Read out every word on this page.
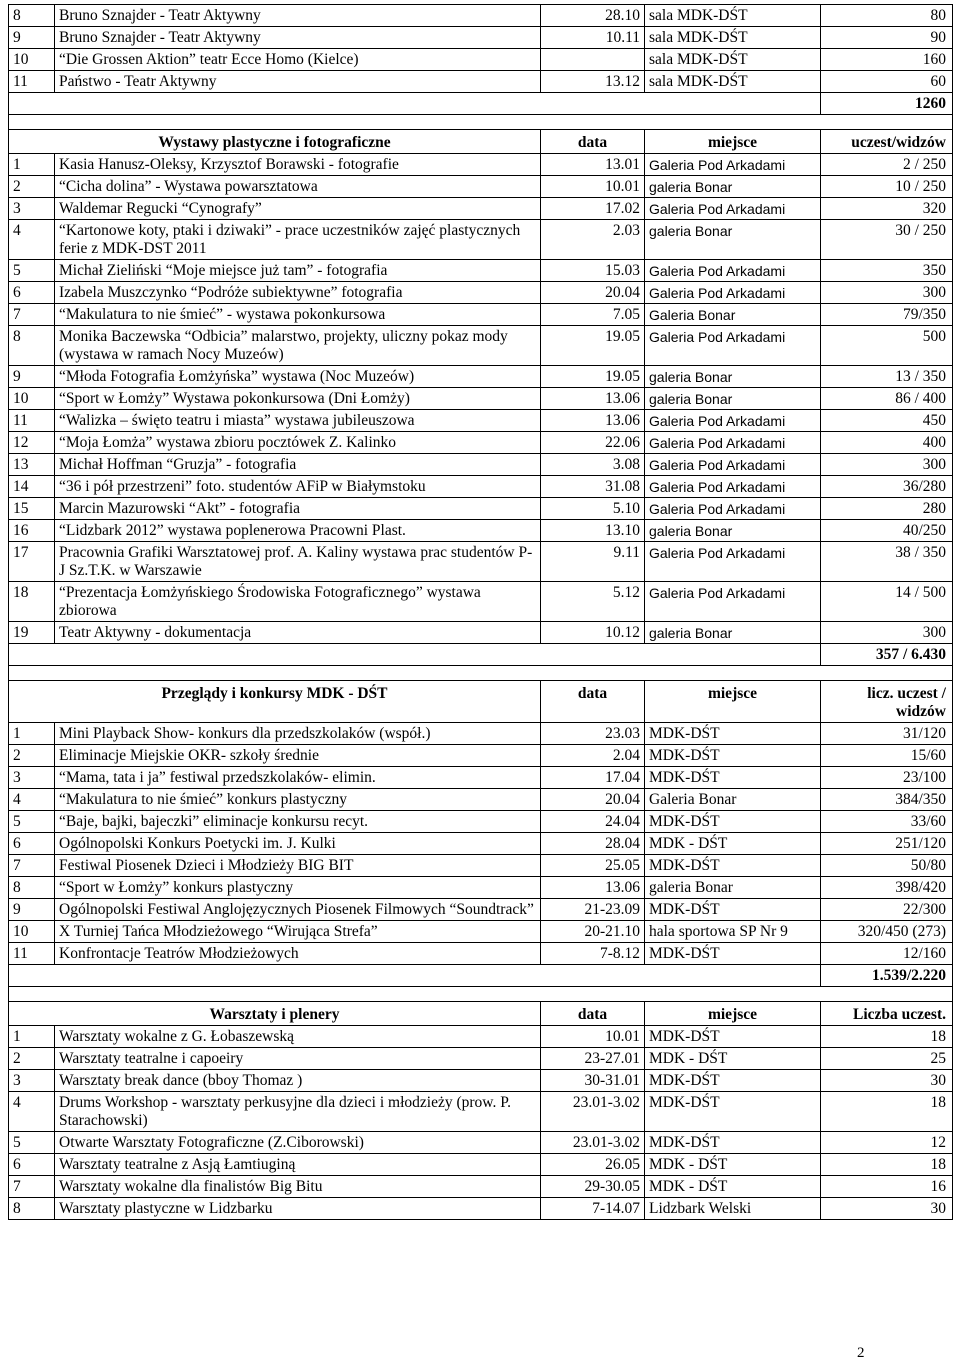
8	Bruno Sznajder - Teatr Aktywny	28.10	sala MDK-DŚT	80
9	Bruno Sznajder - Teatr Aktywny	10.11	sala MDK-DŚT	90
10	“Die Grossen Aktion” teatr Ecce Homo (Kielce)		sala MDK-DŚT	160
11	Państwo - Teatr Aktywny	13.12	sala MDK-DŚT	60
				1260

Wystawy plastyczne i fotograficzne		data	miejsce	uczest/widzów
1	Kasia Hanusz-Oleksy, Krzysztof Borawski - fotografie	13.01	Galeria Pod Arkadami	2 / 250
2	“Cicha dolina” - Wystawa powarsztatowa	10.01	galeria Bonar	10 / 250
3	Waldemar Regucki “Cynografy”	17.02	Galeria Pod Arkadami	320
4	“Kartonowe koty, ptaki i dziwaki” - prace uczestników zajęć plastycznych ferie z MDK-DST 2011	2.03	galeria Bonar	30 / 250
5	Michał Zieliński “Moje miejsce już tam” - fotografia	15.03	Galeria Pod Arkadami	350
6	Izabela Muszczynko “Podróże subiektywne” fotografia	20.04	Galeria Pod Arkadami	300
7	“Makulatura to nie śmieć” - wystawa pokonkursowa	7.05	Galeria Bonar	79/350
8	Monika Baczewska “Odbicia” malarstwo, projekty, uliczny pokaz mody (wystawa w ramach Nocy Muzeów)	19.05	Galeria Pod Arkadami	500
9	“Młoda Fotografia Łomżyńska” wystawa (Noc Muzeów)	19.05	galeria Bonar	13 / 350
10	“Sport w Łomży” Wystawa pokonkursowa (Dni Łomży)	13.06	galeria Bonar	86 / 400
11	“Walizka – święto teatru i miasta” wystawa jubileuszowa	13.06	Galeria Pod Arkadami	450
12	“Moja Łomża” wystawa zbioru pocztówek Z. Kalinko	22.06	Galeria Pod Arkadami	400
13	Michał Hoffman “Gruzja” - fotografia	3.08	Galeria Pod Arkadami	300
14	“36 i pół przestrzeni” foto. studentów AFiP w Białymstoku	31.08	Galeria Pod Arkadami	36/280
15	Marcin Mazurowski “Akt” - fotografia	5.10	Galeria Pod Arkadami	280
16	“Lidzbark 2012” wystawa poplenerowa Pracowni Plast.	13.10	galeria Bonar	40/250
17	Pracownia Grafiki Warsztatowej prof. A. Kaliny wystawa prac studentów P-J Sz.T.K. w Warszawie	9.11	Galeria Pod Arkadami	38 / 350
18	“Prezentacja Łomżyńskiego Środowiska Fotograficznego” wystawa zbiorowa	5.12	Galeria Pod Arkadami	14 / 500
19	Teatr Aktywny - dokumentacja	10.12	galeria Bonar	300
				357 / 6.430

Przeglądy i konkursy MDK - DŚT		data	miejsce	licz. uczest / widzów
1	Mini Playback Show- konkurs dla przedszkolaków (współ.)	23.03	MDK-DŚT	31/120
2	Eliminacje Miejskie OKR- szkoły średnie	2.04	MDK-DŚT	15/60
3	“Mama, tata i ja” festiwal przedszkolaków- elimin.	17.04	MDK-DŚT	23/100
4	“Makulatura to nie śmieć” konkurs plastyczny	20.04	Galeria Bonar	384/350
5	“Baje, bajki, bajeczki” eliminacje konkursu recyt.	24.04	MDK-DŚT	33/60
6	Ogólnopolski Konkurs Poetycki im. J. Kulki	28.04	MDK - DŚT	251/120
7	Festiwal Piosenek Dzieci i Młodzieży BIG BIT	25.05	MDK-DŚT	50/80
8	“Sport w Łomży” konkurs plastyczny	13.06	galeria Bonar	398/420
9	Ogólnopolski Festiwal Anglojęzycznych Piosenek Filmowych “Soundtrack”	21-23.09	MDK-DŚT	22/300
10	X Turniej Tańca Młodzieżowego “Wirująca Strefa”	20-21.10	hala sportowa SP Nr 9	320/450 (273)
11	Konfrontacje Teatrów Młodzieżowych	7-8.12	MDK-DŚT	12/160
				1.539/2.220

Warsztaty i plenery		data	miejsce	Liczba uczest.
1	Warsztaty wokalne z G. Łobaszewską	10.01	MDK-DŚT	18
2	Warsztaty teatralne i capoeiry	23-27.01	MDK - DŚT	25
3	Warsztaty break dance (bboy Thomaz )	30-31.01	MDK-DŚT	30
4	Drums Workshop - warsztaty perkusyjne dla dzieci i młodzieży (prow. P. Starachowski)	23.01-3.02	MDK-DŚT	18
5	Otwarte Warsztaty Fotograficzne (Z.Ciborowski)	23.01-3.02	MDK-DŚT	12
6	Warsztaty teatralne z Asją Łamtiuginą	26.05	MDK - DŚT	18
7	Warsztaty wokalne dla finalistów Big Bitu	29-30.05	MDK - DŚT	16
8	Warsztaty plastyczne w Lidzbarku	7-14.07	Lidzbark Welski	30
2
